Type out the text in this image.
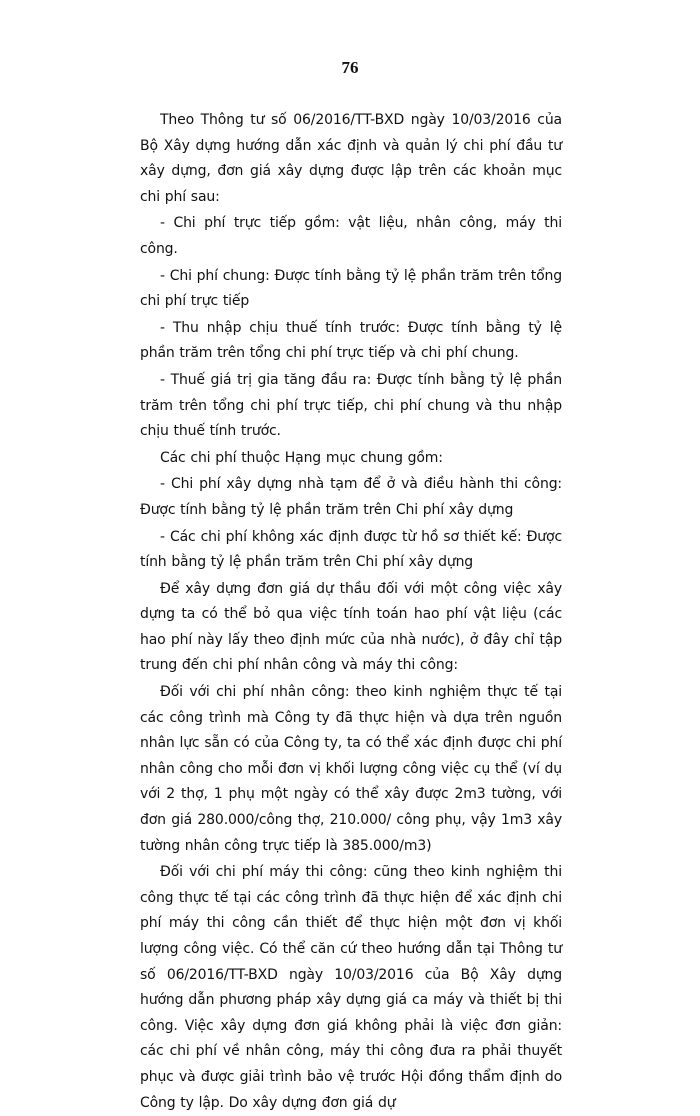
76

Theo Thông tư số 06/2016/TT-BXD ngày 10/03/2016 của Bộ Xây dựng hướng dẫn xác định và quản lý chi phí đầu tư xây dựng, đơn giá xây dựng được lập trên các khoản mục chi phí sau:

- Chi phí trực tiếp gồm: vật liệu, nhân công, máy thi công.

- Chi phí chung: Được tính bằng tỷ lệ phần trăm trên tổng chi phí trực tiếp

- Thu nhập chịu thuế tính trước: Được tính bằng tỷ lệ phần trăm trên tổng chi phí trực tiếp và chi phí chung.

- Thuế giá trị gia tăng đầu ra: Được tính bằng tỷ lệ phần trăm trên tổng chi phí trực tiếp, chi phí chung và thu nhập chịu thuế tính trước.

Các chi phí thuộc Hạng mục chung gồm:

- Chi phí xây dựng nhà tạm để ở và điều hành thi công: Được tính bằng tỷ lệ phần trăm trên Chi phí xây dựng

- Các chi phí không xác định được từ hồ sơ thiết kế: Được tính bằng tỷ lệ phần trăm trên Chi phí xây dựng

Để xây dựng đơn giá dự thầu đối với một công việc xây dựng ta có thể bỏ qua việc tính toán hao phí vật liệu (các hao phí này lấy theo định mức của nhà nước), ở đây chỉ tập trung đến chi phí nhân công và máy thi công:

Đối với chi phí nhân công: theo kinh nghiệm thực tế tại các công trình mà Công ty đã thực hiện và dựa trên nguồn nhân lực sẵn có của Công ty, ta có thể xác định được chi phí nhân công cho mỗi đơn vị khối lượng công việc cụ thể (ví dụ với 2 thợ, 1 phụ một ngày có thể xây được 2m3 tường, với đơn giá 280.000/công thợ, 210.000/ công phụ, vậy 1m3 xây tường nhân công trực tiếp là 385.000/m3)

Đối với chi phí máy thi công: cũng theo kinh nghiệm thi công thực tế tại các công trình đã thực hiện để xác định chi phí máy thi công cần thiết để thực hiện một đơn vị khối lượng công việc. Có thể căn cứ theo hướng dẫn tại Thông tư số 06/2016/TT-BXD ngày 10/03/2016 của Bộ Xây dựng hướng dẫn phương pháp xây dựng giá ca máy và thiết bị thi công. Việc xây dựng đơn giá không phải là việc đơn giản: các chi phí về nhân công, máy thi công đưa ra phải thuyết phục và được giải trình bảo vệ trước Hội đồng thẩm định do Công ty lập. Do xây dựng đơn giá dự
